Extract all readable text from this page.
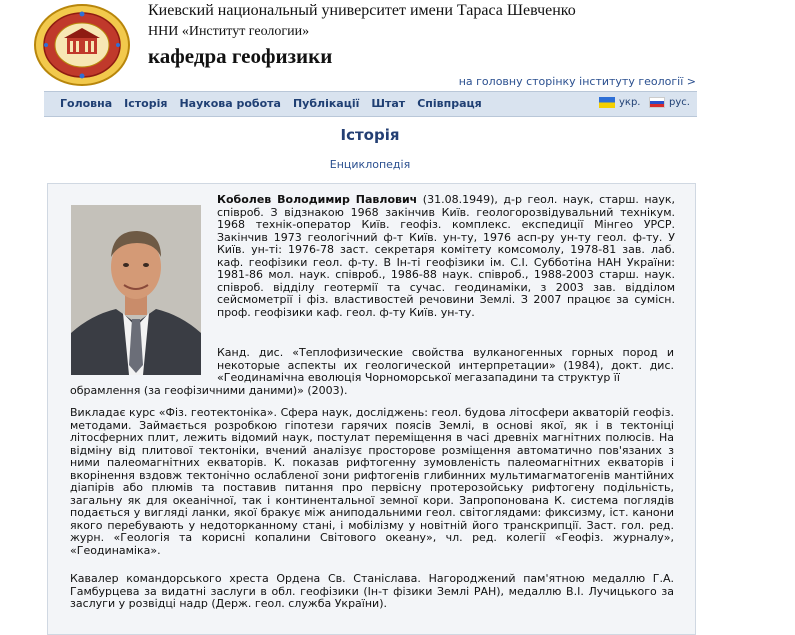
Киевский национальный университет имени Тараса Шевченко
ННИ «Институт геологии»
кафедра геофизики
на головну сторінку інституту геології >
Головна Історія Наукова робота Публікації Штат Співпраця	укр.	рус.
Історія
Енциклопедія
Коболев Володимир Павлович (31.08.1949), д-р геол. наук, старш. наук, співроб. З відзнакою 1968 закінчив Київ. геологорозвідувальний технікум. 1968 технік-оператор Київ. геофіз. комплекс. експедиції Мінгео УРСР. Закінчив 1973 геологічний ф-т Київ. ун-ту, 1976 асп-ру ун-ту геол. ф-ту. У Київ. ун-ті: 1976-78 заст. секретаря комітету комсомолу, 1978-81 зав. лаб. каф. геофізики геол. ф-ту. В Ін-ті геофізики ім. С.І. Субботіна НАН України: 1981-86 мол. наук. співроб., 1986-88 наук. співроб., 1988-2003 старш. наук. співроб. відділу геотермії та сучас. геодинаміки, з 2003 зав. відділом сейсмометрії і фіз. властивостей речовини Землі. З 2007 працює за сумісн. проф. геофізики каф. геол. ф-ту Київ. ун-ту.
Канд. дис. «Теплофизические свойства вулканогенных горных пород и некоторые аспекты их геологической интерпретации» (1984), докт. дис. «Геодинамічна еволюція Чорноморської мегазападини та структур її
обрамлення (за геофізичними даними)» (2003).
Викладає курс «Фіз. геотектоніка». Сфера наук, досліджень: геол. будова літосфери акваторій геофіз. методами. Займається розробкою гіпотези гарячих поясів Землі, в основі якої, як і в тектоніці літосферних плит, лежить відомий наук, постулат переміщення в часі древніх магнітних полюсів. На відміну від плитової тектоніки, вчений аналізує просторове розміщення автоматично пов'язаних з ними палеомагнітних екваторів. К. показав рифтогенну зумовленість палеомагнітних екваторів і вкорінення вздовж тектонічно ослабленої зони рифтогенів глибинних мультимагматогенів мантійних діапірів або плюмів та поставив питання про первісну протерозойську рифтогену подільність, загальну як для океанічної, так і континентальної земної кори. Запропонована К. система поглядів подається у вигляді ланки, якої бракує між аниподальними геол. світоглядами: фиксизму, іст. канони якого перебувають у недоторканному стані, і мобілізму у новітній його транскрипції. Заст. гол. ред. журн. «Геологія та корисні копалини Світового океану», чл. ред. колегії «Геофіз. журналу», «Геодинаміка».
Кавалер командорського хреста Ордена Св. Станіслава. Нагороджений пам'ятною медаллю Г.А. Гамбурцева за видатні заслуги в обл. геофізики (Ін-т фізики Землі РАН), медаллю В.І. Лучицького за заслуги у розвідці надр (Держ. геол. служба України).
